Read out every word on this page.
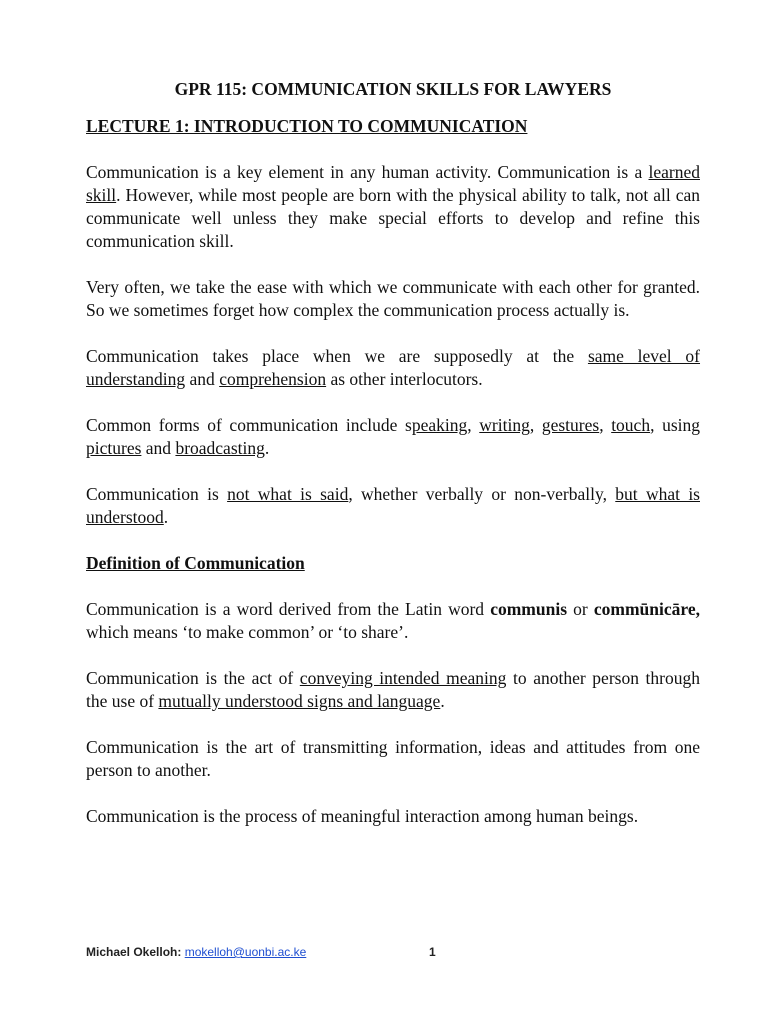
GPR 115: COMMUNICATION SKILLS FOR LAWYERS
LECTURE 1: INTRODUCTION TO COMMUNICATION

Communication is a key element in any human activity. Communication is a learned skill. However, while most people are born with the physical ability to talk, not all can communicate well unless they make special efforts to develop and refine this communication skill.

Very often, we take the ease with which we communicate with each other for granted. So we sometimes forget how complex the communication process actually is.

Communication takes place when we are supposedly at the same level of understanding and comprehension as other interlocutors.

Common forms of communication include speaking, writing, gestures, touch, using pictures and broadcasting.

Communication is not what is said, whether verbally or non-verbally, but what is understood.

Definition of Communication

Communication is a word derived from the Latin word communis or commūnicāre, which means ‘to make common’ or ‘to share’.

Communication is the act of conveying intended meaning to another person through the use of mutually understood signs and language.

Communication is the art of transmitting information, ideas and attitudes from one person to another.

Communication is the process of meaningful interaction among human beings.

Michael Okelloh: mokelloh@uonbi.ac.ke	1
